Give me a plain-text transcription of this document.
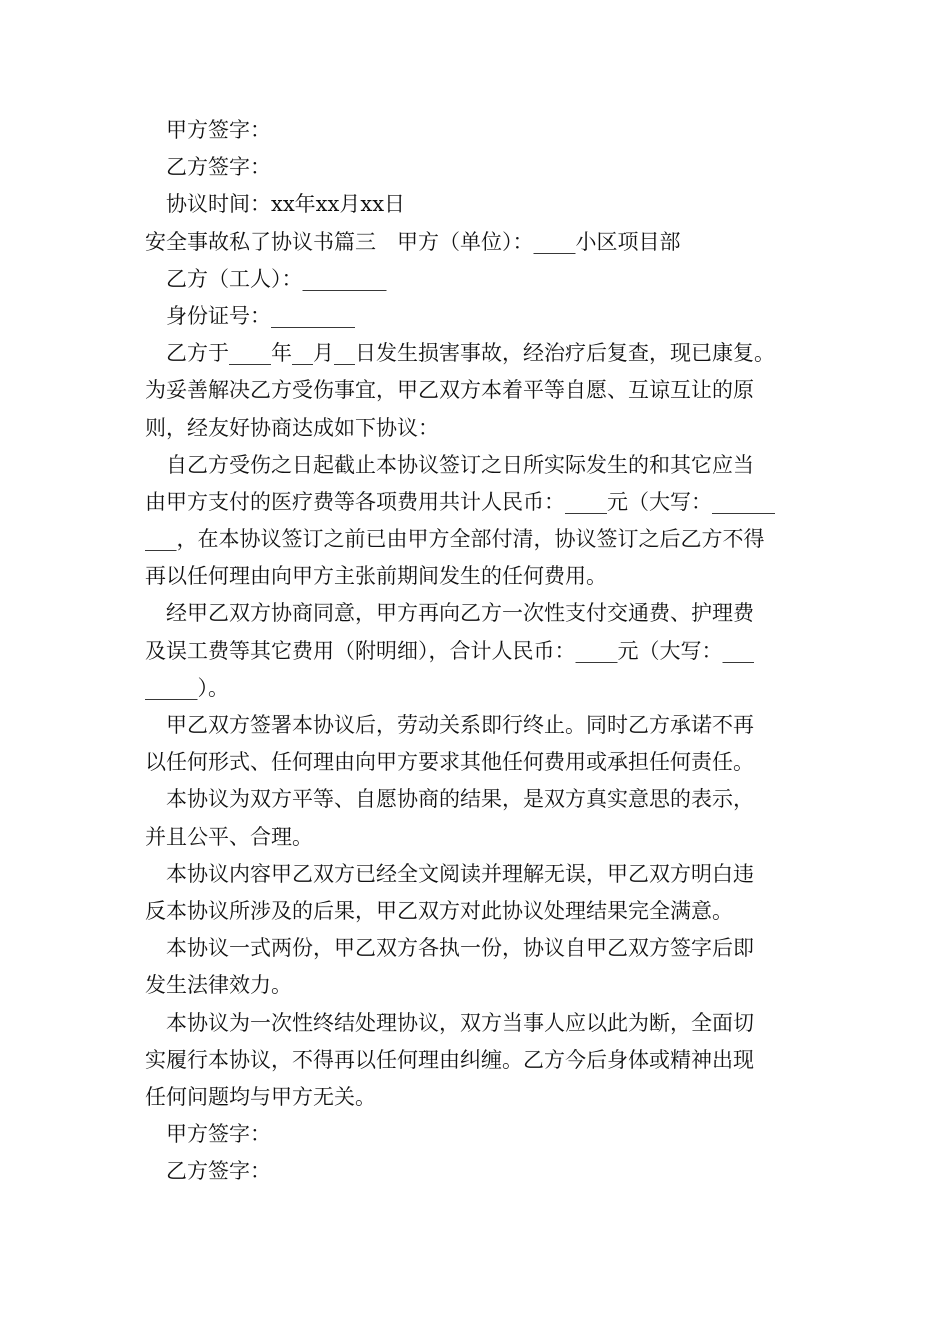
甲方签字：
乙方签字：
协议时间：xx年xx月xx日
安全事故私了协议书篇三　甲方（单位）：____小区项目部
乙方（工人）：________
身份证号：________
乙方于____年__月__日发生损害事故，经治疗后复查，现已康复。
为妥善解决乙方受伤事宜，甲乙双方本着平等自愿、互谅互让的原
则，经友好协商达成如下协议：
自乙方受伤之日起截止本协议签订之日所实际发生的和其它应当
由甲方支付的医疗费等各项费用共计人民币：____元（大写：______
___，在本协议签订之前已由甲方全部付清，协议签订之后乙方不得
再以任何理由向甲方主张前期间发生的任何费用。
经甲乙双方协商同意，甲方再向乙方一次性支付交通费、护理费
及误工费等其它费用（附明细），合计人民币：____元（大写：___
_____）。
甲乙双方签署本协议后，劳动关系即行终止。同时乙方承诺不再
以任何形式、任何理由向甲方要求其他任何费用或承担任何责任。
本协议为双方平等、自愿协商的结果，是双方真实意思的表示，
并且公平、合理。
本协议内容甲乙双方已经全文阅读并理解无误，甲乙双方明白违
反本协议所涉及的后果，甲乙双方对此协议处理结果完全满意。
本协议一式两份，甲乙双方各执一份，协议自甲乙双方签字后即
发生法律效力。
本协议为一次性终结处理协议，双方当事人应以此为断，全面切
实履行本协议，不得再以任何理由纠缠。乙方今后身体或精神出现
任何问题均与甲方无关。
甲方签字：
乙方签字：
